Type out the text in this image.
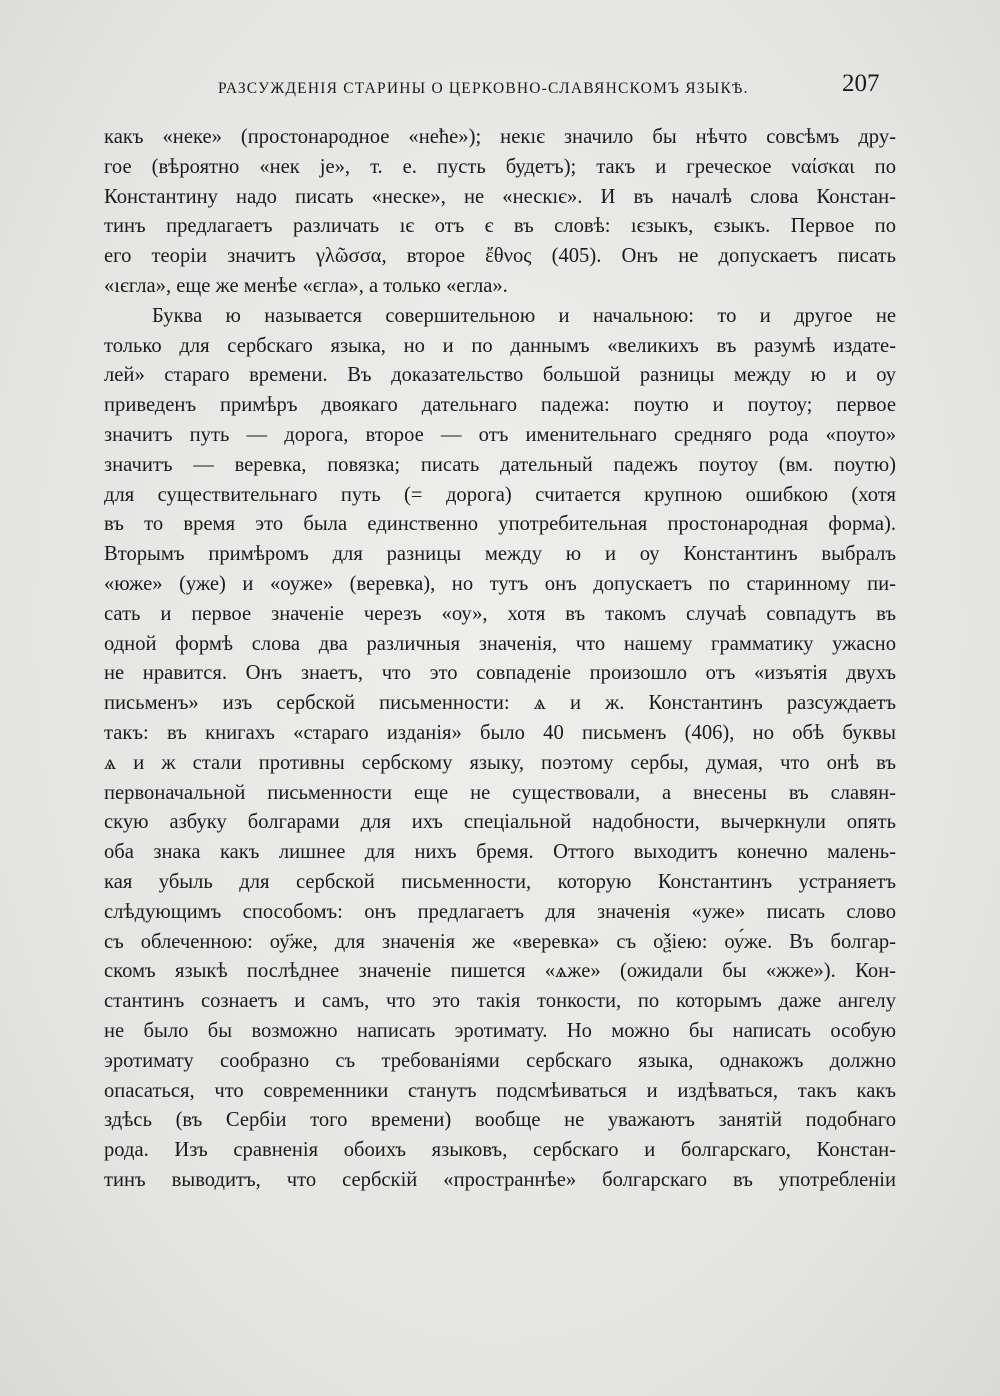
РАЗСУЖДЕНІЯ СТАРИНЫ О ЦЕРКОВНО-СЛАВЯНСКОМЪ ЯЗЫКѢ.	207
какъ «неке» (простонародное «неће»); некıє значило бы нѣчто совсѣмъ дру-
гое (вѣроятно «нек је», т. е. пусть будетъ); такъ и греческое ναίσκαι по
Константину надо писать «неске», не «нескıє». И въ началѣ слова Констан-
тинъ предлагаетъ различать ıє отъ є въ словѣ: ıєзыкъ, єзыкъ. Первое по
его теоріи значитъ γλῶσσα, второе ἔθνος (405). Онъ не допускаетъ писать
«ıєгла», еще же менѣе «єгла», а только «егла».
Буква ю называется совершительною и начальною: то и другое не
только для сербскаго языка, но и по даннымъ «великихъ въ разумѣ издате-
лей» стараго времени. Въ доказательство большой разницы между ю и оу
приведенъ примѣръ двоякаго дательнаго падежа: поутю и поутоу; первое
значитъ путь — дорога, второе — отъ именительнаго средняго рода «поуто»
значитъ — веревка, повязка; писать дательный падежъ поутоу (вм. поутю)
для существительнаго путь (= дорога) считается крупною ошибкою (хотя
въ то время это была единственно употребительная простонародная форма).
Вторымъ примѣромъ для разницы между ю и оу Константинъ выбралъ
«юже» (уже) и «оуже» (веревка), но тутъ онъ допускаетъ по старинному пи-
сать и первое значеніе черезъ «оу», хотя въ такомъ случаѣ совпадутъ въ
одной формѣ слова два различныя значенія, что нашему грамматику ужасно
не нравится. Онъ знаетъ, что это совпаденіе произошло отъ «изъятія двухъ
письменъ» изъ сербской письменности: ѧ и ж. Константинъ разсуждаетъ
такъ: въ книгахъ «стараго изданія» было 40 письменъ (406), но обѣ буквы
ѧ и ж стали противны сербскому языку, поэтому сербы, думая, что онѣ въ
первоначальной письменности еще не существовали, а внесены въ славян-
скую азбуку болгарами для ихъ спеціальной надобности, вычеркнули опять
оба знака какъ лишнее для нихъ бремя. Оттого выходитъ конечно малень-
кая убыль для сербской письменности, которую Константинъ устраняетъ
слѣдующимъ способомъ: онъ предлагаетъ для значенія «уже» писать слово
съ облеченною: оу҃же, для значенія же «веревка» съ оѯіею: оу́же. Въ болгар-
скомъ языкѣ послѣднее значеніе пишется «ѧже» (ожидали бы «жже»). Кон-
стантинъ сознаетъ и самъ, что это такія тонкости, по которымъ даже ангелу
не было бы возможно написать эротимату. Но можно бы написать особую
эротимату сообразно съ требованіями сербскаго языка, однакожъ должно
опасаться, что современники станутъ подсмѣиваться и издѣваться, такъ какъ
здѣсь (въ Сербіи того времени) вообще не уважаютъ занятій подобнаго
рода. Изъ сравненія обоихъ языковъ, сербскаго и болгарскаго, Констан-
тинъ выводитъ, что сербскій «пространнѣе» болгарскаго въ употребленіи
